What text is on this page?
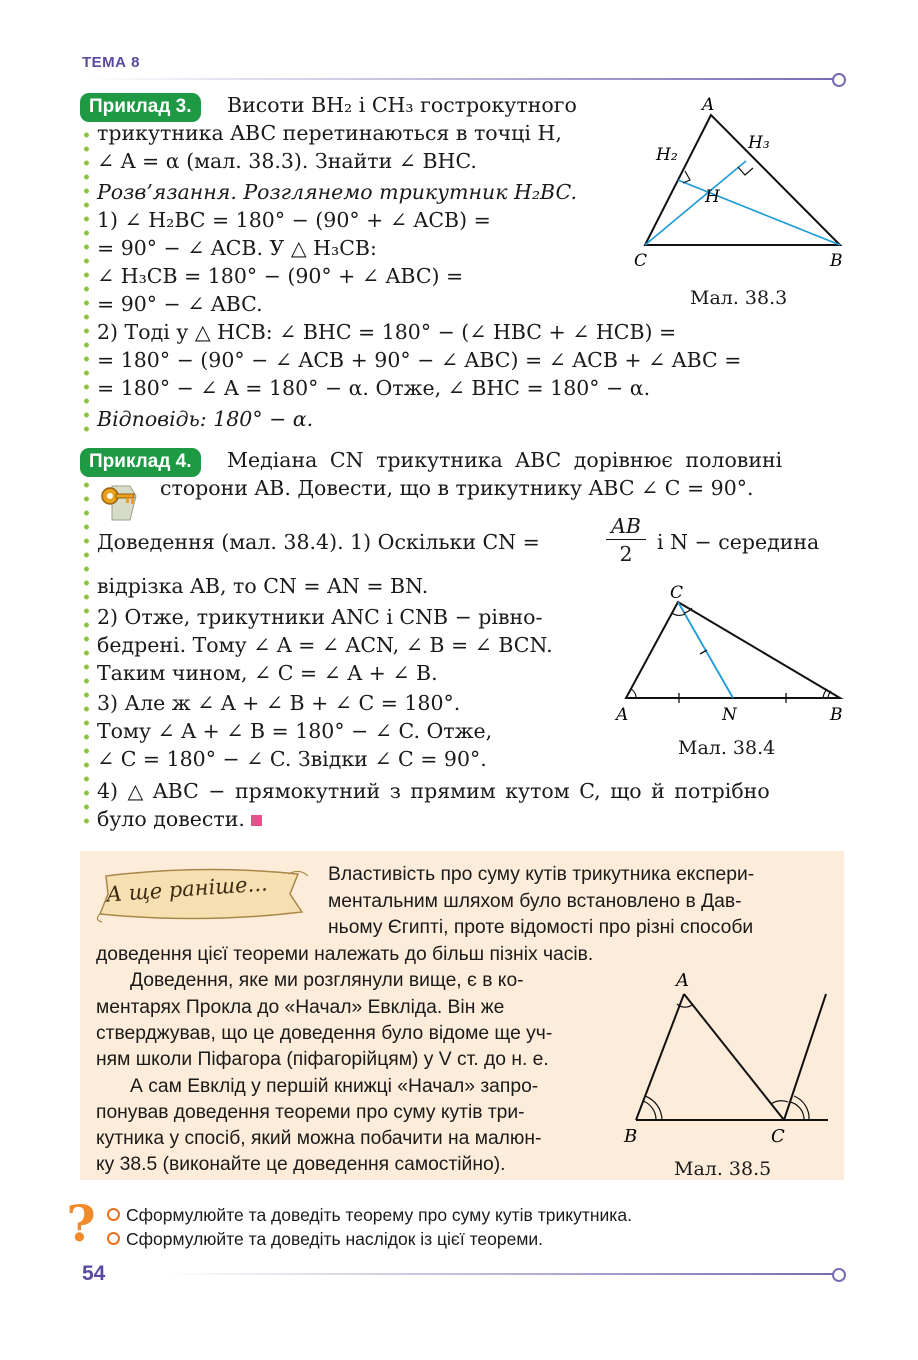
ТЕМА 8
Приклад 3.	Висоти BH₂ і CH₃ гострокутного
трикутника ABC перетинаються в точці H,
∠ A = α (мал. 38.3). Знайти ∠ BHC.
Розв’язання. Розглянемо трикутник H₂BC.
1) ∠ H₂BC = 180° − (90° + ∠ ACB) =
= 90° − ∠ ACB. У △ H₃CB:
∠ H₃CB = 180° − (90° + ∠ ABC) =
= 90° − ∠ ABC.
2) Тоді у △ HCB: ∠ BHC = 180° − (∠ HBC + ∠ HCB) =
= 180° − (90° − ∠ ACB + 90° − ∠ ABC) = ∠ ACB + ∠ ABC =
= 180° − ∠ A = 180° − α. Отже, ∠ BHC = 180° − α.
Відповідь: 180° − α.
A
C	B
H
H₂
H₃
Мал. 38.3
Приклад 4.	Медіана CN трикутника ABC дорівнює половині
сторони AB. Довести, що в трикутнику ABC ∠ C = 90°.
Доведення (мал. 38.4). 1) Оскільки CN =	$\frac{AB}{2}$ і N − середина
відрізка AB, то CN = AN = BN.
2) Отже, трикутники ANC і CNB − рівно-
бедрені. Тому ∠ A = ∠ ACN, ∠ B = ∠ BCN.
Таким чином, ∠ C = ∠ A + ∠ B.
3) Але ж ∠ A + ∠ B + ∠ C = 180°.
Тому ∠ A + ∠ B = 180° − ∠ C. Отже,
∠ C = 180° − ∠ C. Звідки ∠ C = 90°.
4) △ ABC − прямокутний з прямим кутом C, що й потрібно
було довести.
C
A	B
N
Мал. 38.4
А ще раніше...	Властивість про суму кутів трикутника експери-
ментальним шляхом було встановлено в Дав-
ньому Єгипті, проте відомості про різні способи
доведення цієї теореми належать до більш пізніх часів.
Доведення, яке ми розглянули вище, є в ко-
ментарях Прокла до «Начал» Евкліда. Він же
стверджував, що це доведення було відоме ще уч-
ням школи Піфагора (піфагорійцям) у V ст. до н. е.
А сам Евклід у першій книжці «Начал» запро-
понував доведення теореми про суму кутів три-
кутника у спосіб, який можна побачити на малюн-
ку 38.5 (виконайте це доведення самостійно).
A
B	C
Мал. 38.5
?	Сформулюйте та доведіть теорему про суму кутів трикутника.
Сформулюйте та доведіть наслідок із цієї теореми.
54
